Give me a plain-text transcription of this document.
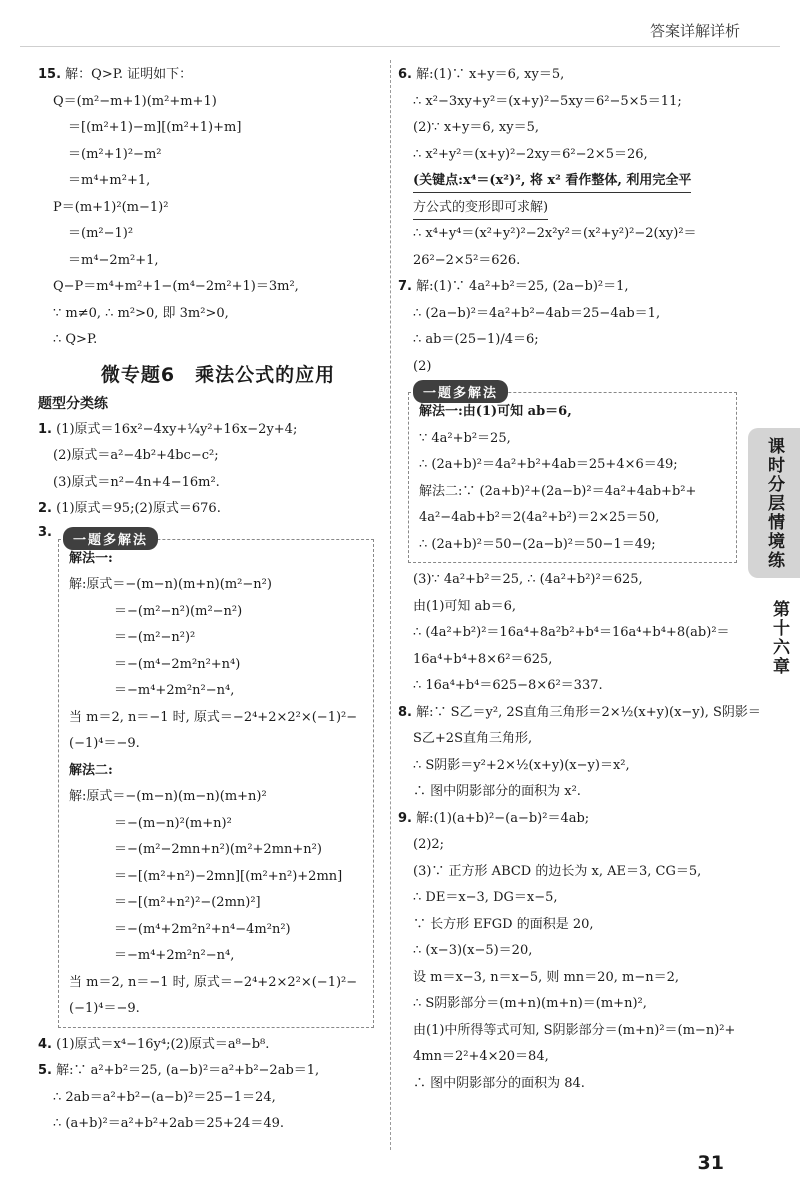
答案详解详析
15. 解：Q>P. 证明如下：
Q＝(m²−m+1)(m²+m+1)
＝[(m²+1)−m][(m²+1)+m]
＝(m²+1)²−m²
＝m⁴+m²+1,
P＝(m+1)²(m−1)²
＝(m²−1)²
＝m⁴−2m²+1,
Q−P＝m⁴+m²+1−(m⁴−2m²+1)＝3m²,
∵ m≠0, ∴ m²>0, 即 3m²>0,
∴ Q>P.
微专题6　乘法公式的应用
题型分类练
1. (1)原式＝16x²−4xy+¼y²+16x−2y+4;
(2)原式＝a²−4b²+4bc−c²;
(3)原式＝n²−4n+4−16m².
2. (1)原式＝95;(2)原式＝676.
3.
一题多解法
解法一:
解:原式＝−(m−n)(m+n)(m²−n²)
＝−(m²−n²)(m²−n²)
＝−(m²−n²)²
＝−(m⁴−2m²n²+n⁴)
＝−m⁴+2m²n²−n⁴,
当 m＝2, n＝−1 时, 原式＝−2⁴+2×2²×(−1)²−
(−1)⁴＝−9.
解法二:
解:原式＝−(m−n)(m−n)(m+n)²
＝−(m−n)²(m+n)²
＝−(m²−2mn+n²)(m²+2mn+n²)
＝−[(m²+n²)−2mn][(m²+n²)+2mn]
＝−[(m²+n²)²−(2mn)²]
＝−(m⁴+2m²n²+n⁴−4m²n²)
＝−m⁴+2m²n²−n⁴,
当 m＝2, n＝−1 时, 原式＝−2⁴+2×2²×(−1)²−
(−1)⁴＝−9.
4. (1)原式＝x⁴−16y⁴;(2)原式＝a⁸−b⁸.
5. 解:∵ a²+b²＝25, (a−b)²＝a²+b²−2ab＝1,
∴ 2ab＝a²+b²−(a−b)²＝25−1＝24,
∴ (a+b)²＝a²+b²+2ab＝25+24＝49.
6. 解:(1)∵ x+y＝6, xy＝5,
∴ x²−3xy+y²＝(x+y)²−5xy＝6²−5×5＝11;
(2)∵ x+y＝6, xy＝5,
∴ x²+y²＝(x+y)²−2xy＝6²−2×5＝26,
(关键点:x⁴＝(x²)², 将 x² 看作整体, 利用完全平
方公式的变形即可求解)
∴ x⁴+y⁴＝(x²+y²)²−2x²y²＝(x²+y²)²−2(xy)²＝
26²−2×5²＝626.
7. 解:(1)∵ 4a²+b²＝25, (2a−b)²＝1,
∴ (2a−b)²＝4a²+b²−4ab＝25−4ab＝1,
∴ ab＝(25−1)/4＝6;
(2)
一题多解法
解法一:由(1)可知 ab＝6,
∵ 4a²+b²＝25,
∴ (2a+b)²＝4a²+b²+4ab＝25+4×6＝49;
解法二:∵ (2a+b)²+(2a−b)²＝4a²+4ab+b²+
4a²−4ab+b²＝2(4a²+b²)＝2×25＝50,
∴ (2a+b)²＝50−(2a−b)²＝50−1＝49;
(3)∵ 4a²+b²＝25, ∴ (4a²+b²)²＝625,
由(1)可知 ab＝6,
∴ (4a²+b²)²＝16a⁴+8a²b²+b⁴＝16a⁴+b⁴+8(ab)²＝
16a⁴+b⁴+8×6²＝625,
∴ 16a⁴+b⁴＝625−8×6²＝337.
8. 解:∵ S乙＝y², 2S直角三角形＝2×½(x+y)(x−y), S阴影＝
S乙+2S直角三角形,
∴ S阴影＝y²+2×½(x+y)(x−y)＝x²,
∴ 图中阴影部分的面积为 x².
9. 解:(1)(a+b)²−(a−b)²＝4ab;
(2)2;
(3)∵ 正方形 ABCD 的边长为 x, AE＝3, CG＝5,
∴ DE＝x−3, DG＝x−5,
∵ 长方形 EFGD 的面积是 20,
∴ (x−3)(x−5)＝20,
设 m＝x−3, n＝x−5, 则 mn＝20, m−n＝2,
∴ S阴影部分＝(m+n)(m+n)＝(m+n)²,
由(1)中所得等式可知, S阴影部分＝(m+n)²＝(m−n)²+
4mn＝2²+4×20＝84,
∴ 图中阴影部分的面积为 84.
课时分层情境练
第十六章
31
